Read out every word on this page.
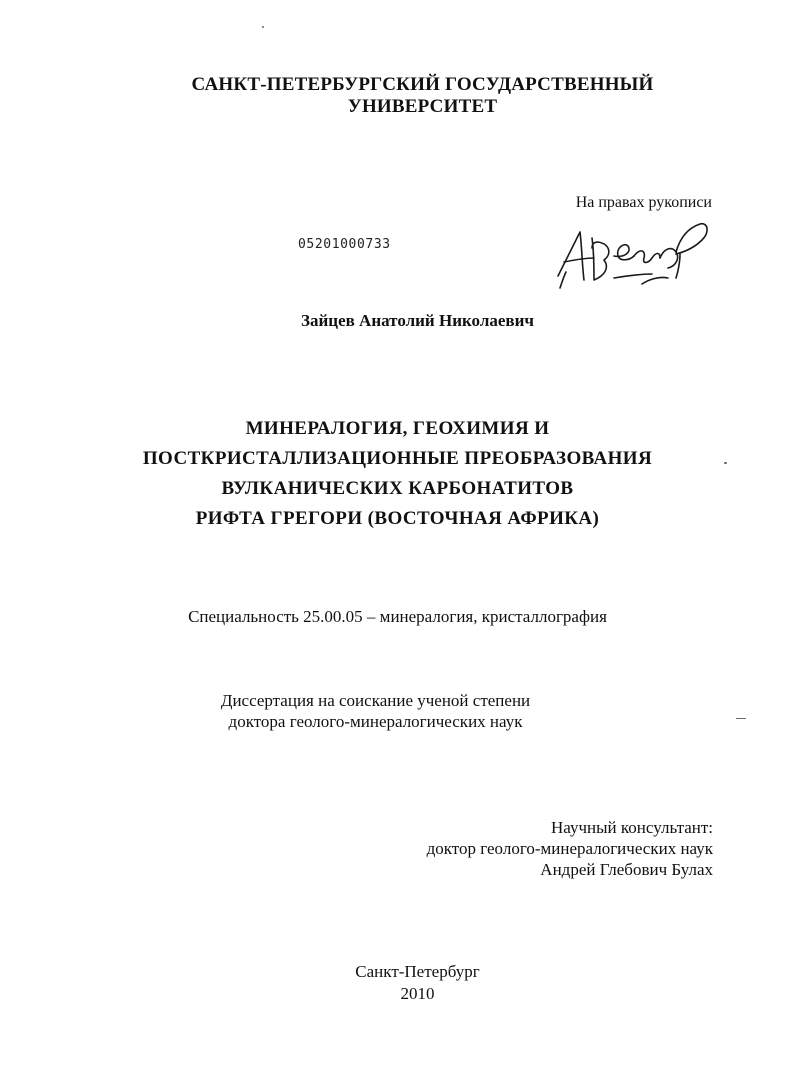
САНКТ-ПЕТЕРБУРГСКИЙ ГОСУДАРСТВЕННЫЙ
УНИВЕРСИТЕТ
На правах рукописи
05201000733
Зайцев Анатолий Николаевич
МИНЕРАЛОГИЯ, ГЕОХИМИЯ И
ПОСТКРИСТАЛЛИЗАЦИОННЫЕ ПРЕОБРАЗОВАНИЯ
ВУЛКАНИЧЕСКИХ КАРБОНАТИТОВ
РИФТА ГРЕГОРИ (ВОСТОЧНАЯ АФРИКА)
Специальность 25.00.05 – минералогия, кристаллография
Диссертация на соискание ученой степени
доктора геолого-минералогических наук
Научный консультант:
доктор геолого-минералогических наук
Андрей Глебович Булах
Санкт-Петербург
2010
